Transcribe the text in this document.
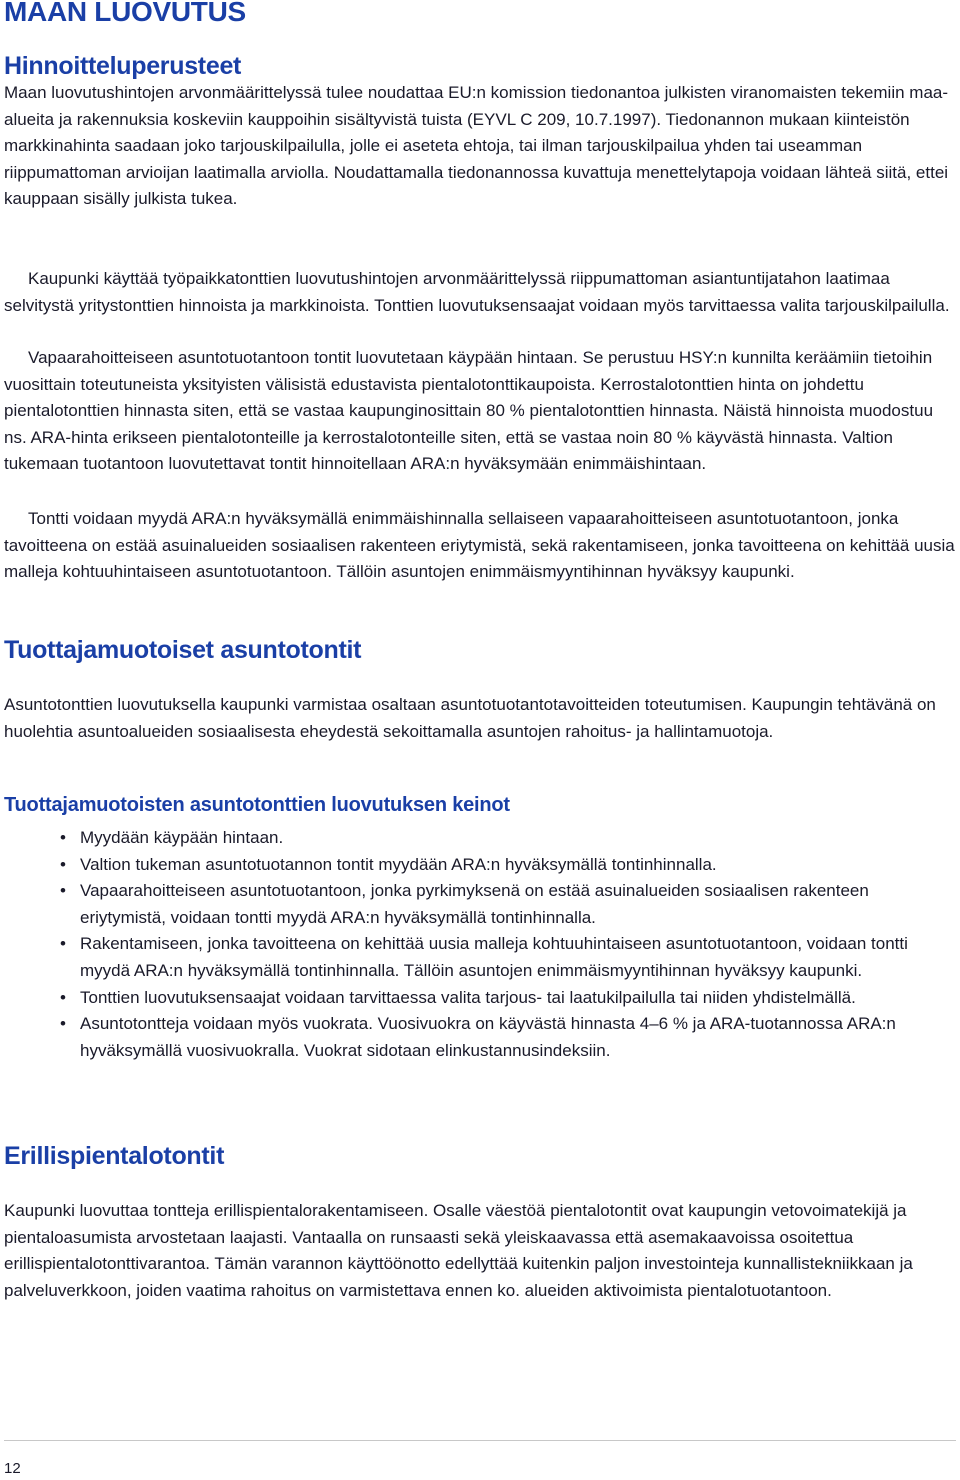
MAAN LUOVUTUS
Hinnoitteluperusteet

Maan luovutushintojen arvonmäärittelyssä tulee noudattaa EU:n komission tiedonantoa julkisten viranomaisten tekemiin maa-alueita ja rakennuksia koskeviin kauppoihin sisältyvistä tuista (EYVL C 209, 10.7.1997). Tiedonannon mukaan kiinteistön markkinahinta saadaan joko tarjouskilpailulla, jolle ei aseteta ehtoja, tai ilman tarjouskilpailua yhden tai useamman riippumattoman arvioijan laatimalla arviolla. Noudattamalla tiedonannossa kuvattuja menettelytapoja voidaan lähteä siitä, ettei kauppaan sisälly julkista tukea.

Kaupunki käyttää työpaikkatonttien luovutushintojen arvonmäärittelyssä riippumattoman asiantuntijatahon laatimaa selvitystä yritystonttien hinnoista ja markkinoista. Tonttien luovutuksensaajat voidaan myös tarvittaessa valita tarjouskilpailulla.

Vapaarahoitteiseen asuntotuotantoon tontit luovutetaan käypään hintaan. Se perustuu HSY:n kunnilta keräämiin tietoihin vuosittain toteutuneista yksityisten välisistä edustavista pientalotonttikaupoista. Kerrostalotonttien hinta on johdettu pientalotonttien hinnasta siten, että se vastaa kaupunginosittain 80 % pientalotonttien hinnasta. Näistä hinnoista muodostuu ns. ARA-hinta erikseen pientalotonteille ja kerrostalotonteille siten, että se vastaa noin 80 % käyvästä hinnasta. Valtion tukemaan tuotantoon luovutettavat tontit hinnoitellaan ARA:n hyväksymään enimmäishintaan.

Tontti voidaan myydä ARA:n hyväksymällä enimmäishinnalla sellaiseen vapaarahoitteiseen asuntotuotantoon, jonka tavoitteena on estää asuinalueiden sosiaalisen rakenteen eriytymistä, sekä rakentamiseen, jonka tavoitteena on kehittää uusia malleja kohtuuhintaiseen asuntotuotantoon. Tällöin asuntojen enimmäismyyntihinnan hyväksyy kaupunki.

Tuottajamuotoiset asuntotontit

Asuntotonttien luovutuksella kaupunki varmistaa osaltaan asuntotuotantotavoitteiden toteutumisen. Kaupungin tehtävänä on huolehtia asuntoalueiden sosiaalisesta eheydestä sekoittamalla asuntojen rahoitus- ja hallintamuotoja.

Tuottajamuotoisten asuntotonttien luovutuksen keinot
• Myydään käypään hintaan.
• Valtion tukeman asuntotuotannon tontit myydään ARA:n hyväksymällä tontinhinnalla.
• Vapaarahoitteiseen asuntotuotantoon, jonka pyrkimyksenä on estää asuinalueiden sosiaalisen rakenteen eriytymistä, voidaan tontti myydä ARA:n hyväksymällä tontinhinnalla.
• Rakentamiseen, jonka tavoitteena on kehittää uusia malleja kohtuuhintaiseen asuntotuotantoon, voidaan tontti myydä ARA:n hyväksymällä tontinhinnalla. Tällöin asuntojen enimmäismyyntihinnan hyväksyy kaupunki.
• Tonttien luovutuksensaajat voidaan tarvittaessa valita tarjous- tai laatukilpailulla tai niiden yhdistelmällä.
• Asuntotontteja voidaan myös vuokrata. Vuosivuokra on käyvästä hinnasta 4–6 % ja ARA-tuotannossa ARA:n hyväksymällä vuosivuokralla. Vuokrat sidotaan elinkustannusindeksiin.
Erillispientalotontit

Kaupunki luovuttaa tontteja erillispientalorakentamiseen. Osalle väestöä pientalotontit ovat kaupungin vetovoimatekijä ja pientaloasumista arvostetaan laajasti. Vantaalla on runsaasti sekä yleiskaavassa että asemakaavoissa osoitettua erillispientalotonttivarantoa. Tämän varannon käyttöönotto edellyttää kuitenkin paljon investointeja kunnallistekniikkaan ja palveluverkkoon, joiden vaatima rahoitus on varmistettava ennen ko. alueiden aktivoimista pientalotuotantoon.

12
